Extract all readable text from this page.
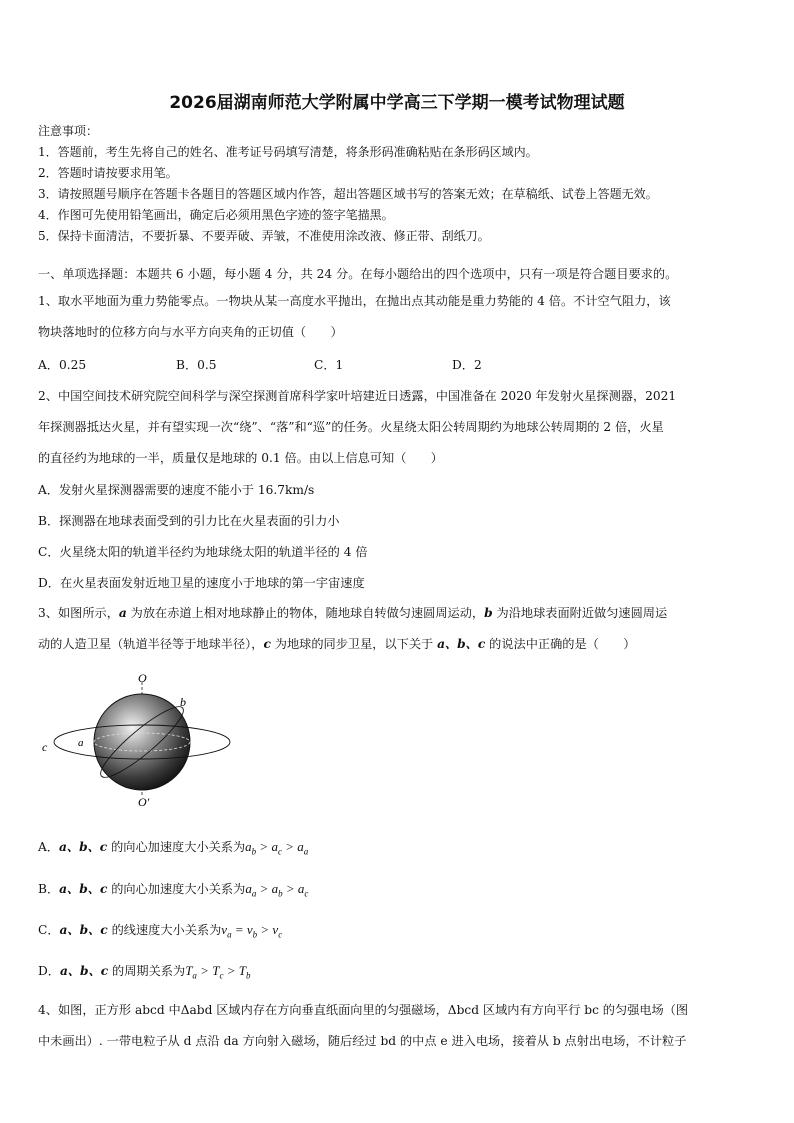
2026届湖南师范大学附属中学高三下学期一模考试物理试题
注意事项：
1．答题前，考生先将自己的姓名、准考证号码填写清楚，将条形码准确粘贴在条形码区域内。
2．答题时请按要求用笔。
3．请按照题号顺序在答题卡各题目的答题区域内作答，超出答题区域书写的答案无效；在草稿纸、试卷上答题无效。
4．作图可先使用铅笔画出，确定后必须用黑色字迹的签字笔描黑。
5．保持卡面清洁，不要折暴、不要弄破、弄皱，不准使用涂改液、修正带、刮纸刀。
一、单项选择题：本题共 6 小题，每小题 4 分，共 24 分。在每小题给出的四个选项中，只有一项是符合题目要求的。
1、取水平地面为重力势能零点。一物块从某一高度水平抛出，在抛出点其动能是重力势能的 4 倍。不计空气阻力，该
物块落地时的位移方向与水平方向夹角的正切值（　　）
A．0.25	B．0.5	C．1	D．2
2、中国空间技术研究院空间科学与深空探测首席科学家叶培建近日透露，中国准备在 2020 年发射火星探测器，2021
年探测器抵达火星，并有望实现一次“绕”、“落”和“巡”的任务。火星绕太阳公转周期约为地球公转周期的 2 倍，火星
的直径约为地球的一半，质量仅是地球的 0.1 倍。由以上信息可知（　　）
A．发射火星探测器需要的速度不能小于 16.7km/s
B．探测器在地球表面受到的引力比在火星表面的引力小
C．火星绕太阳的轨道半径约为地球绕太阳的轨道半径的 4 倍
D．在火星表面发射近地卫星的速度小于地球的第一宇宙速度
3、如图所示，a 为放在赤道上相对地球静止的物体，随地球自转做匀速圆周运动，b 为沿地球表面附近做匀速圆周运
动的人造卫星（轨道半径等于地球半径），c 为地球的同步卫星，以下关于 a、b、c 的说法中正确的是（　　）
O
O′
b
c	a
A．a、b、c 的向心加速度大小关系为$a_b > a_c > a_a$
B．a、b、c 的向心加速度大小关系为$a_a > a_b > a_c$
C．a、b、c 的线速度大小关系为$v_a = v_b > v_c$
D．a、b、c 的周期关系为$T_a > T_c > T_b$
4、如图，正方形 abcd 中Δabd 区域内存在方向垂直纸面向里的匀强磁场，Δbcd 区域内有方向平行 bc 的匀强电场（图
中未画出）. 一带电粒子从 d 点沿 da 方向射入磁场，随后经过 bd 的中点 e 进入电场，接着从 b 点射出电场，不计粒子
